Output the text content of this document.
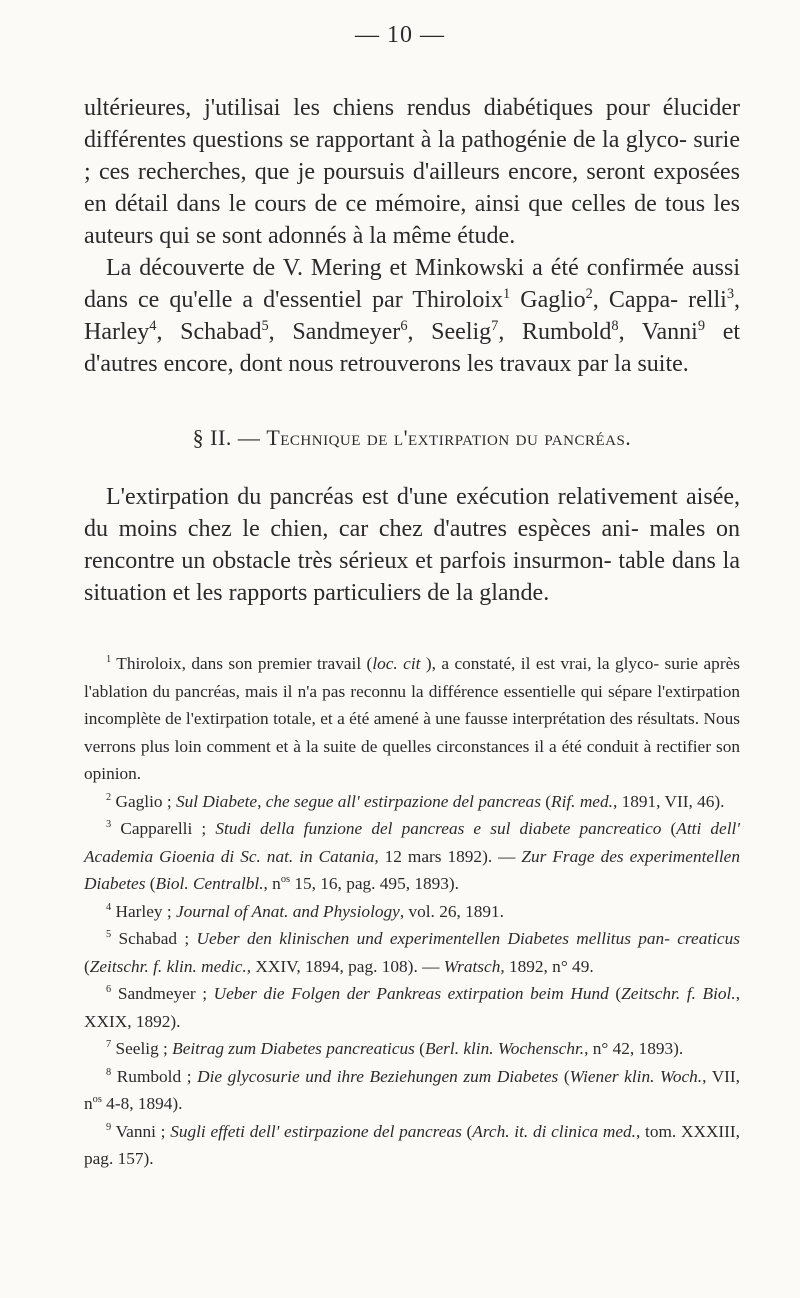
— 10 —

ultérieures, j'utilisai les chiens rendus diabétiques pour élucider différentes questions se rapportant à la pathogénie de la glyco- surie ; ces recherches, que je poursuis d'ailleurs encore, seront exposées en détail dans le cours de ce mémoire, ainsi que celles de tous les auteurs qui se sont adonnés à la même étude.

La découverte de V. Mering et Minkowski a été confirmée aussi dans ce qu'elle a d'essentiel par Thiroloix$^1$ Gaglio$^2$, Cappa- relli$^3$, Harley$^4$, Schabad$^5$, Sandmeyer$^6$, Seelig$^7$, Rumbold$^8$, Vanni$^9$ et d'autres encore, dont nous retrouverons les travaux par la suite.

§ II. — Technique de l'extirpation du pancréas.

L'extirpation du pancréas est d'une exécution relativement aisée, du moins chez le chien, car chez d'autres espèces ani- males on rencontre un obstacle très sérieux et parfois insurmon- table dans la situation et les rapports particuliers de la glande.

$^1$ Thiroloix, dans son premier travail (loc. cit ), a constaté, il est vrai, la glyco- surie après l'ablation du pancréas, mais il n'a pas reconnu la différence essentielle qui sépare l'extirpation incomplète de l'extirpation totale, et a été amené à une fausse interprétation des résultats. Nous verrons plus loin comment et à la suite de quelles circonstances il a été conduit à rectifier son opinion.

$^2$ Gaglio ; Sul Diabete, che segue all' estirpazione del pancreas (Rif. med., 1891, VII, 46).

$^3$ Capparelli ; Studi della funzione del pancreas e sul diabete pancreatico (Atti dell' Academia Gioenia di Sc. nat. in Catania, 12 mars 1892). — Zur Frage des experimentellen Diabetes (Biol. Centralbl., $n^{os}$ 15, 16, pag. 495, 1893).

$^4$ Harley ; Journal of Anat. and Physiology, vol. 26, 1891.

$^5$ Schabad ; Ueber den klinischen und experimentellen Diabetes mellitus pan- creaticus (Zeitschr. f. klin. medic., XXIV, 1894, pag. 108). — Wratsch, 1892, n° 49.

$^6$ Sandmeyer ; Ueber die Folgen der Pankreas extirpation beim Hund (Zeitschr. f. Biol., XXIX, 1892).

$^7$ Seelig ; Beitrag zum Diabetes pancreaticus (Berl. klin. Wochenschr., n° 42, 1893).

$^8$ Rumbold ; Die glycosurie und ihre Beziehungen zum Diabetes (Wiener klin. Woch., VII, $n^{os}$ 4-8, 1894).

$^9$ Vanni ; Sugli effeti dell' estirpazione del pancreas (Arch. it. di clinica med., tom. XXXIII, pag. 157).
